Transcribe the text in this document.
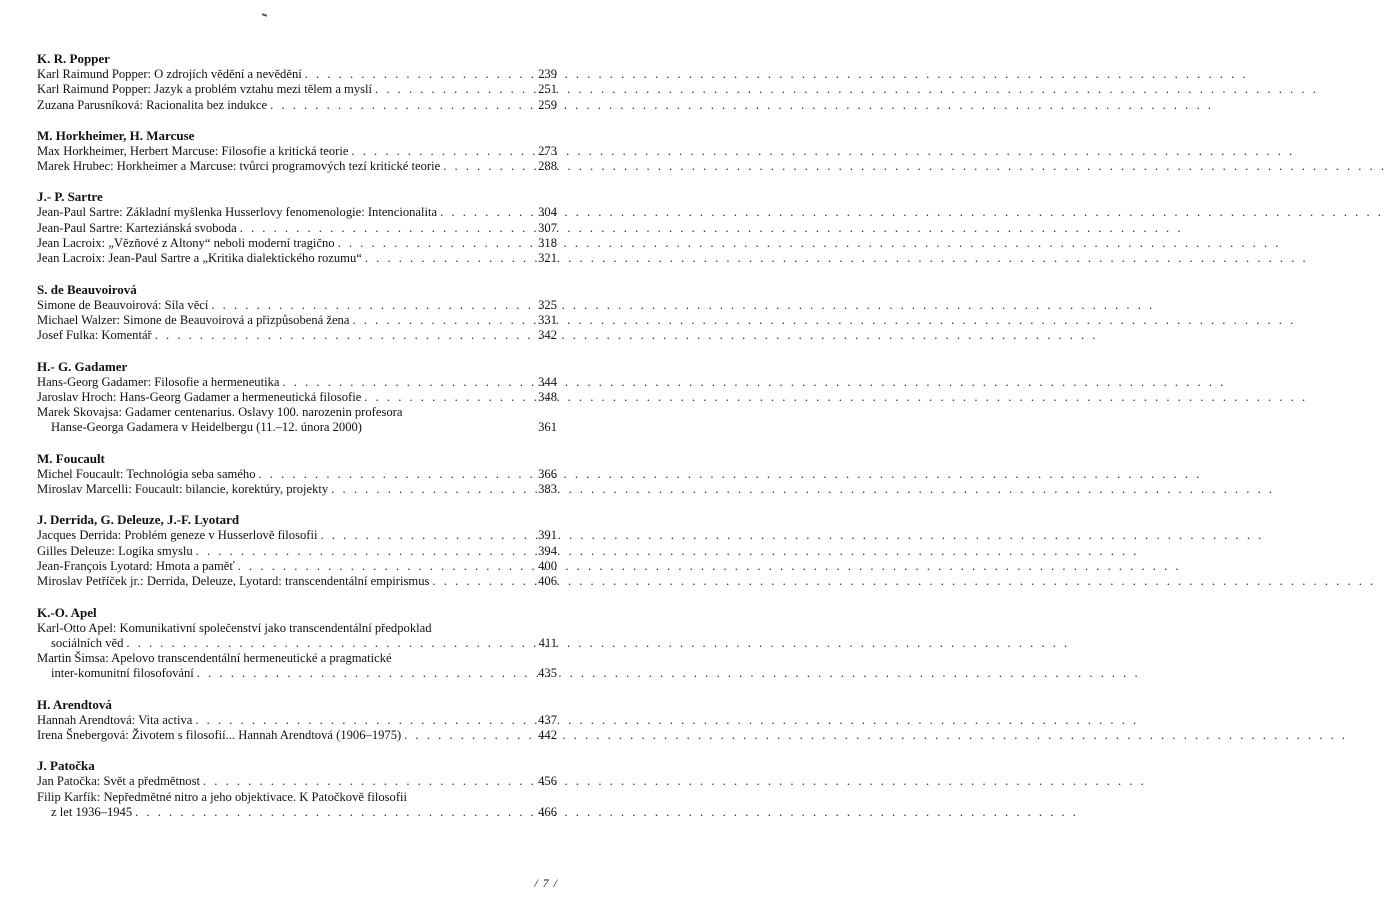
K. R. Popper
Karl Raimund Popper: O zdrojích vědění a nevědění . . .	239
Karl Raimund Popper: Jazyk a problém vztahu mezi tělem a myslí . . .	251
Zuzana Parusníková: Racionalita bez indukce . . .	259
M. Horkheimer, H. Marcuse
Max Horkheimer, Herbert Marcuse: Filosofie a kritická teorie . . .	273
Marek Hrubec: Horkheimer a Marcuse: tvůrci programových tezí kritické teorie . . .	288
J.- P. Sartre
Jean-Paul Sartre: Základní myšlenka Husserlovy fenomenologie: Intencionalita . . .	304
Jean-Paul Sartre: Karteziánská svoboda . . .	307
Jean Lacroix: „Vězňové z Altony“ neboli moderní tragično . . .	318
Jean Lacroix: Jean-Paul Sartre a „Kritika dialektického rozumu“ . . .	321
S. de Beauvoirová
Simone de Beauvoirová: Síla věcí . . .	325
Michael Walzer: Simone de Beauvoirová a přizpůsobená žena . . .	331
Josef Fulka: Komentář . . .	342
H.- G. Gadamer
Hans-Georg Gadamer: Filosofie a hermeneutika . . .	344
Jaroslav Hroch: Hans-Georg Gadamer a hermeneutická filosofie . . .	348
Marek Skovajsa: Gadamer centenarius. Oslavy 100. narozenin profesora
Hanse-Georga Gadamera v Heidelbergu (11.–12. února 2000)	361
M. Foucault
Michel Foucault: Technológia seba samého . . .	366
Miroslav Marcelli: Foucault: bilancie, korektúry, projekty . . .	383
J. Derrida, G. Deleuze, J.-F. Lyotard
Jacques Derrida: Problém geneze v Husserlově filosofii . . .	391
Gilles Deleuze: Logika smyslu . . .	394
Jean-François Lyotard: Hmota a paměť . . .	400
Miroslav Petříček jr.: Derrida, Deleuze, Lyotard: transcendentální empirismus . . .	406
K.-O. Apel
Karl-Otto Apel: Komunikativní společenství jako transcendentální předpoklad
sociálních věd . . .	411
Martin Šimsa: Apelovo transcendentální hermeneutické a pragmatické
inter-komunitní filosofování . . .	435
H. Arendtová
Hannah Arendtová: Vita activa . . .	437
Irena Šnebergová: Životem s filosofií... Hannah Arendtová (1906–1975) . . .	442
J. Patočka
Jan Patočka: Svět a předmětnost . . .	456
Filip Karfík: Nepředmětné nitro a jeho objektivace. K Patočkově filosofii
z let 1936–1945 . . .	466
/ 7 /
